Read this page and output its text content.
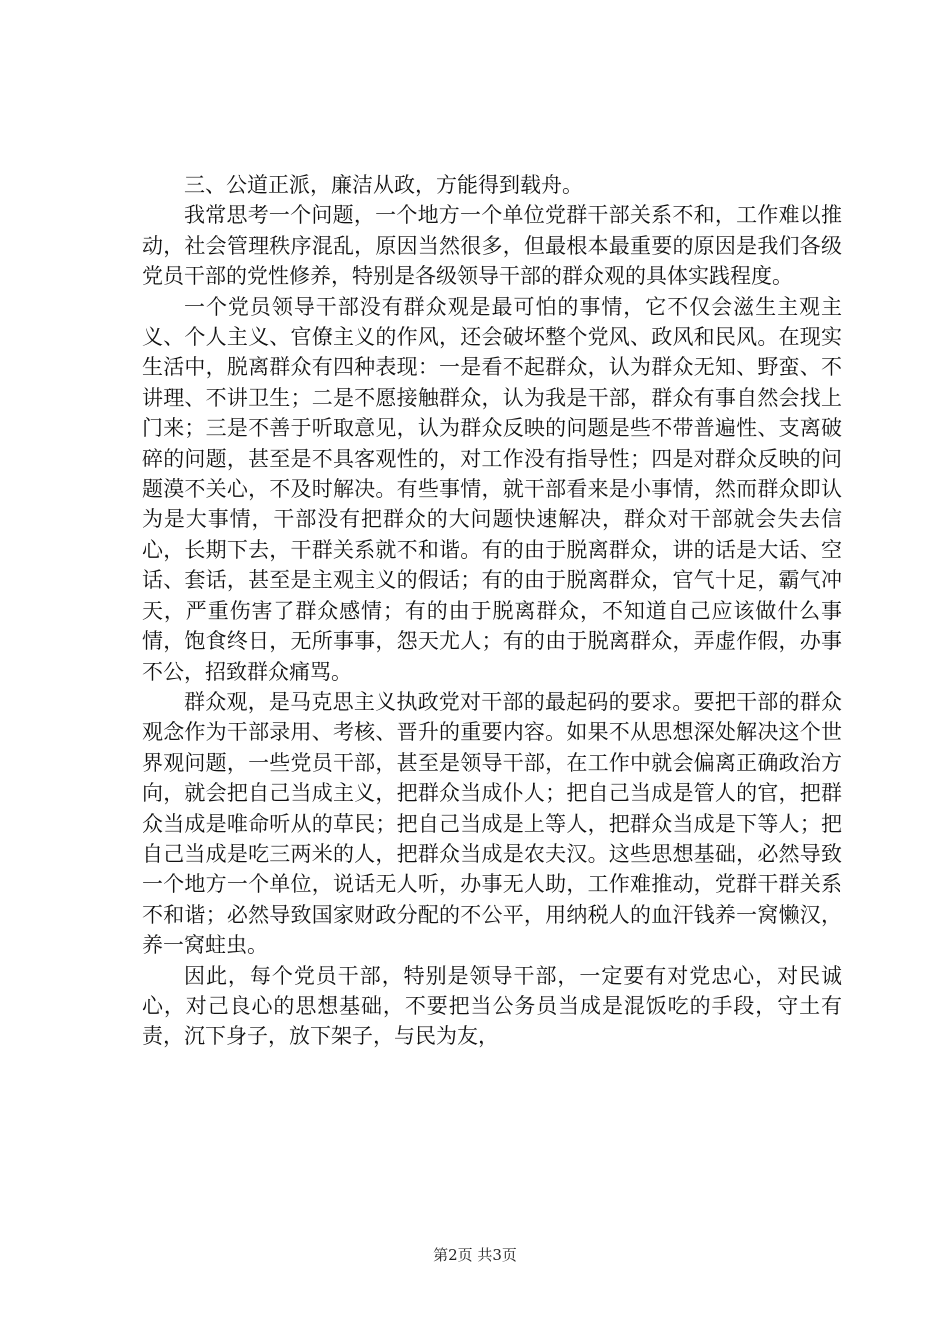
三、公道正派，廉洁从政，方能得到载舟。

我常思考一个问题，一个地方一个单位党群干部关系不和，工作难以推动，社会管理秩序混乱，原因当然很多，但最根本最重要的原因是我们各级党员干部的党性修养，特别是各级领导干部的群众观的具体实践程度。

一个党员领导干部没有群众观是最可怕的事情，它不仅会滋生主观主义、个人主义、官僚主义的作风，还会破坏整个党风、政风和民风。在现实生活中，脱离群众有四种表现：一是看不起群众，认为群众无知、野蛮、不讲理、不讲卫生；二是不愿接触群众，认为我是干部，群众有事自然会找上门来；三是不善于听取意见，认为群众反映的问题是些不带普遍性、支离破碎的问题，甚至是不具客观性的，对工作没有指导性；四是对群众反映的问题漠不关心，不及时解决。有些事情，就干部看来是小事情，然而群众即认为是大事情，干部没有把群众的大问题快速解决，群众对干部就会失去信心，长期下去，干群关系就不和谐。有的由于脱离群众，讲的话是大话、空话、套话，甚至是主观主义的假话；有的由于脱离群众，官气十足，霸气冲天，严重伤害了群众感情；有的由于脱离群众，不知道自己应该做什么事情，饱食终日，无所事事，怨天尤人；有的由于脱离群众，弄虚作假，办事不公，招致群众痛骂。

群众观，是马克思主义执政党对干部的最起码的要求。要把干部的群众观念作为干部录用、考核、晋升的重要内容。如果不从思想深处解决这个世界观问题，一些党员干部，甚至是领导干部，在工作中就会偏离正确政治方向，就会把自己当成主义，把群众当成仆人；把自己当成是管人的官，把群众当成是唯命听从的草民；把自己当成是上等人，把群众当成是下等人；把自己当成是吃三两米的人，把群众当成是农夫汉。这些思想基础，必然导致一个地方一个单位，说话无人听，办事无人助，工作难推动，党群干群关系不和谐；必然导致国家财政分配的不公平，用纳税人的血汗钱养一窝懒汉，养一窝蛀虫。

因此，每个党员干部，特别是领导干部，一定要有对党忠心，对民诚心，对己良心的思想基础，不要把当公务员当成是混饭吃的手段，守土有责，沉下身子，放下架子，与民为友，

第2页 共3页
